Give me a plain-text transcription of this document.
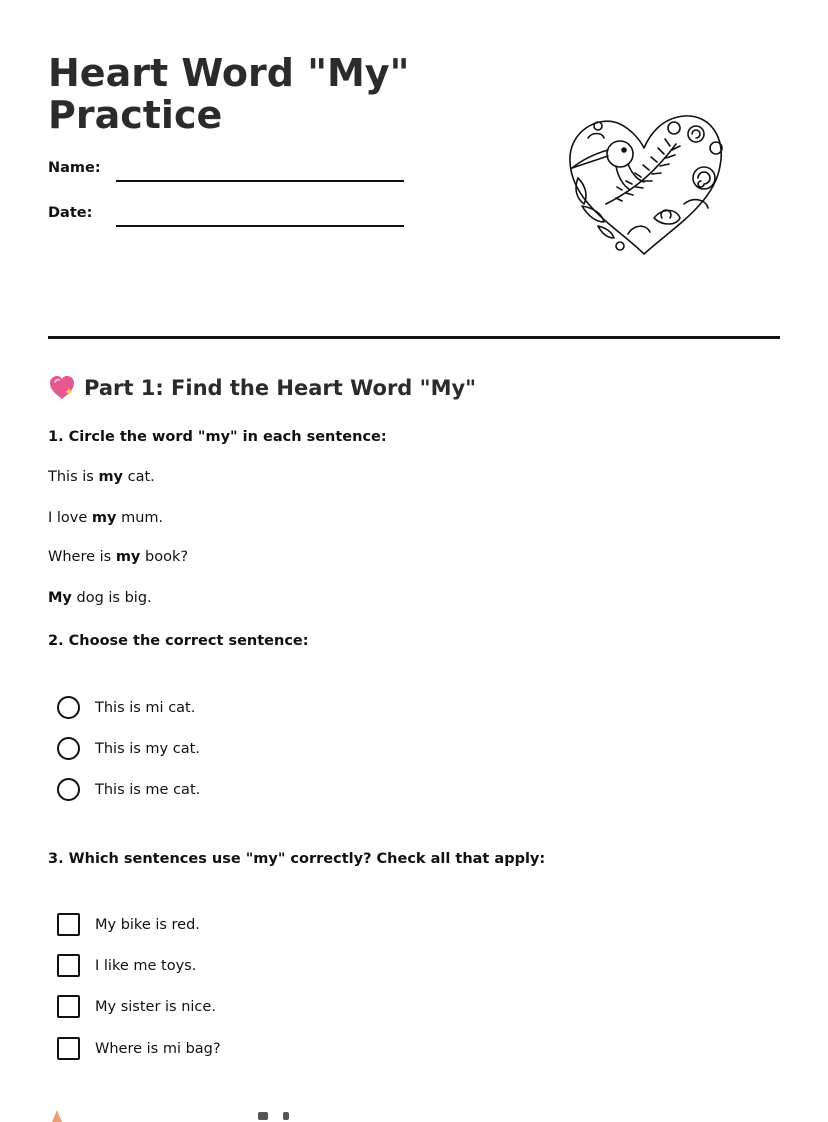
Heart Word "My" Practice
Name:
Date:
Part 1: Find the Heart Word "My"
1. Circle the word "my" in each sentence:
This is my cat.
I love my mum.
Where is my book?
My dog is big.
2. Choose the correct sentence:
This is mi cat.
This is my cat.
This is me cat.
3. Which sentences use "my" correctly? Check all that apply:
My bike is red.
I like me toys.
My sister is nice.
Where is mi bag?
